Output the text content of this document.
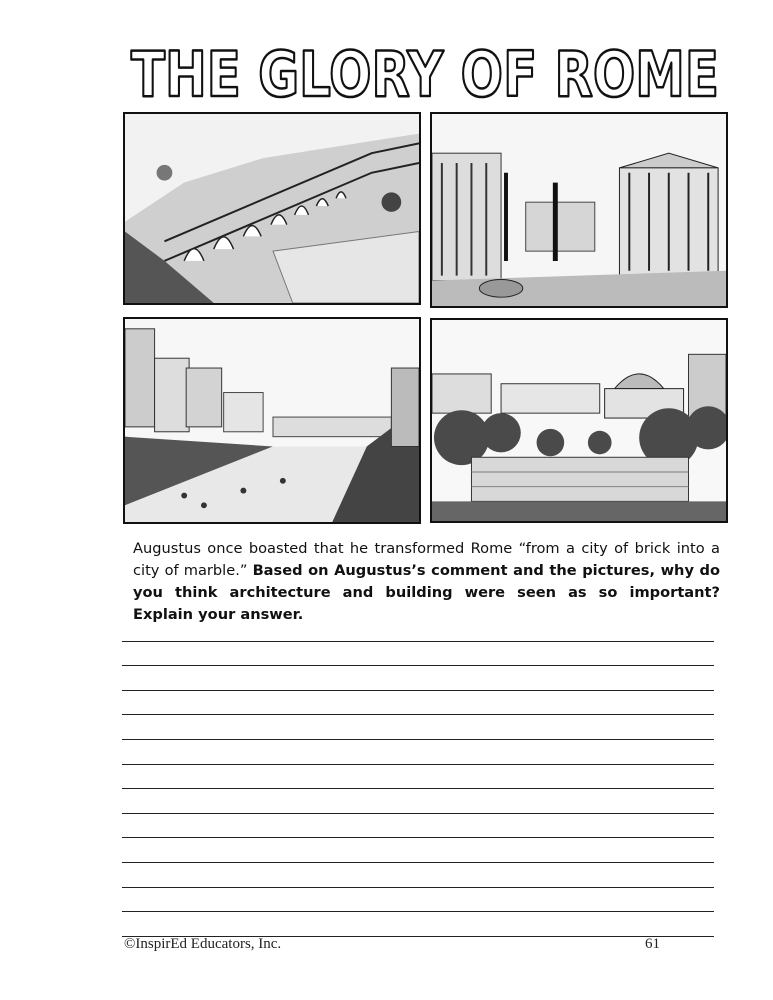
THE GLORY OF ROME
Augustus once boasted that he transformed Rome “from a city of brick into a city of marble.” Based on Augustus’s comment and the pictures, why do you think architecture and building were seen as so important? Explain your answer.
©InspirEd Educators, Inc.	61
